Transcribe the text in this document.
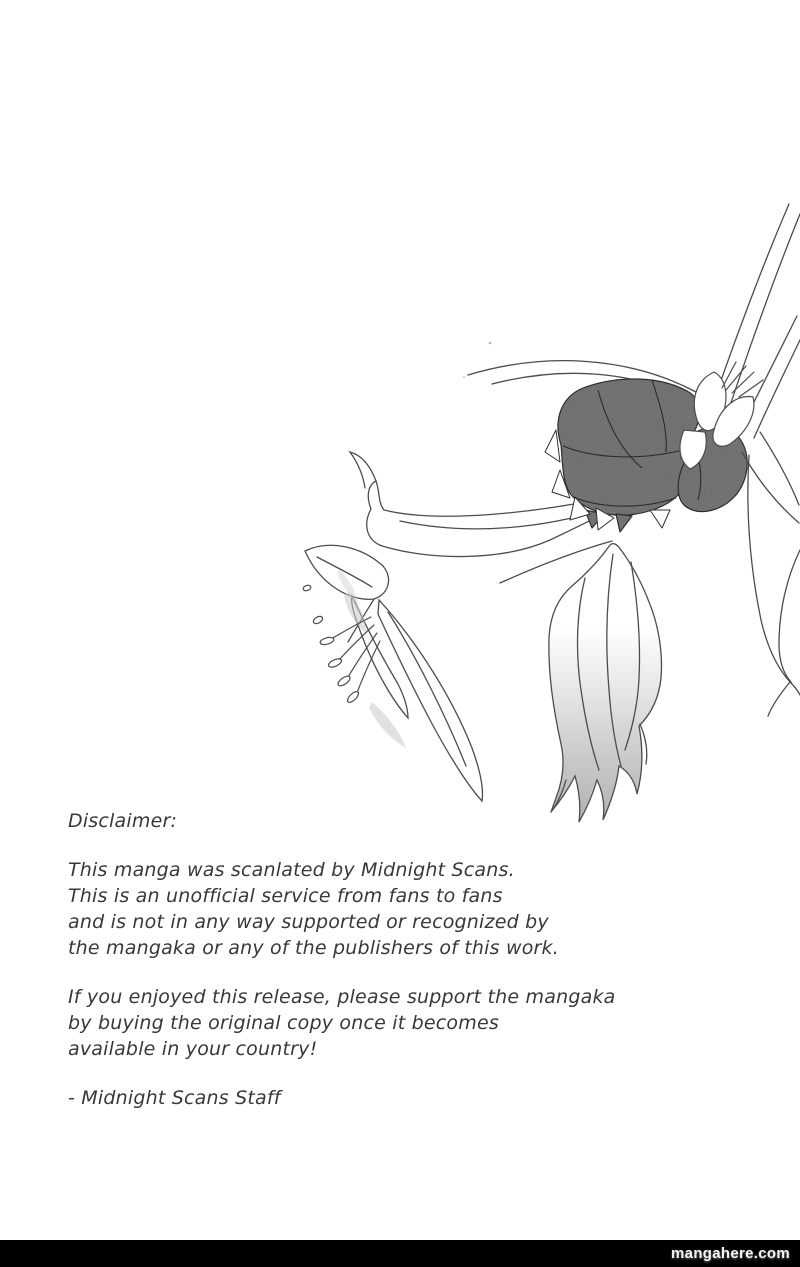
Disclaimer:
This manga was scanlated by Midnight Scans.
This is an unofficial service from fans to fans
and is not in any way supported or recognized by
the mangaka or any of the publishers of this work.
If you enjoyed this release, please support the mangaka
by buying the original copy once it becomes
available in your country!
- Midnight Scans Staff
mangahere.com
